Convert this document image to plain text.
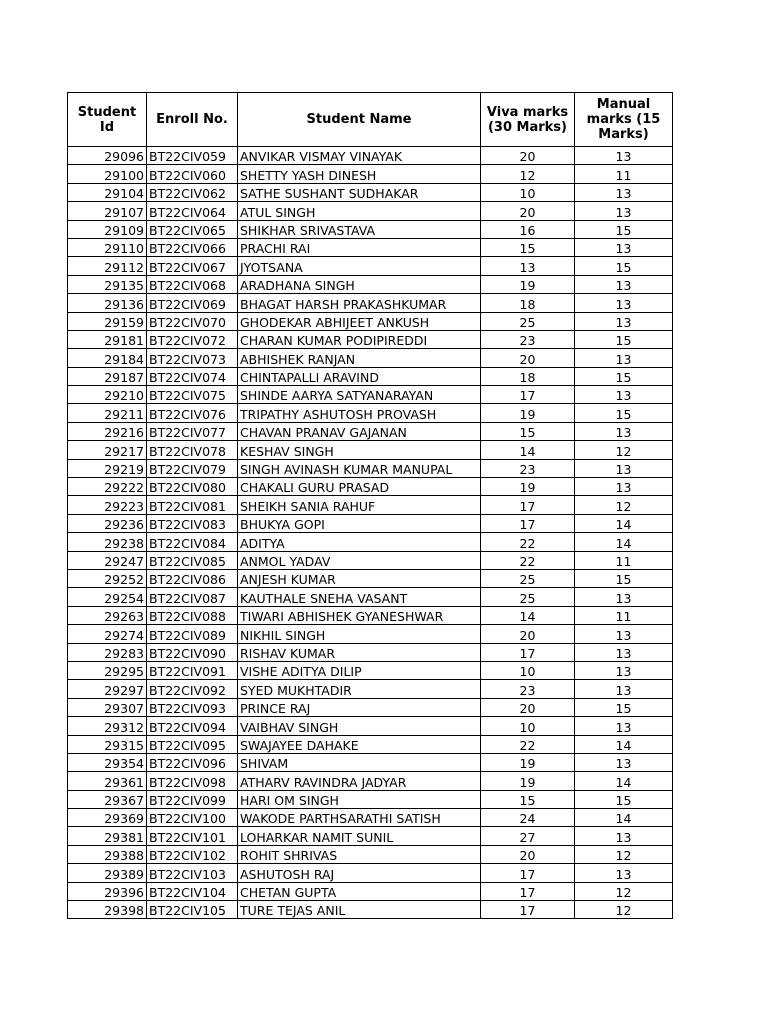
Student Id	Enroll No.	Student Name	Viva marks (30 Marks)	Manual marks (15 Marks)
29096	BT22CIV059	ANVIKAR VISMAY VINAYAK	20	13
29100	BT22CIV060	SHETTY YASH DINESH	12	11
29104	BT22CIV062	SATHE SUSHANT SUDHAKAR	10	13
29107	BT22CIV064	ATUL SINGH	20	13
29109	BT22CIV065	SHIKHAR SRIVASTAVA	16	15
29110	BT22CIV066	PRACHI RAI	15	13
29112	BT22CIV067	JYOTSANA	13	15
29135	BT22CIV068	ARADHANA SINGH	19	13
29136	BT22CIV069	BHAGAT HARSH PRAKASHKUMAR	18	13
29159	BT22CIV070	GHODEKAR ABHIJEET ANKUSH	25	13
29181	BT22CIV072	CHARAN KUMAR PODIPIREDDI	23	15
29184	BT22CIV073	ABHISHEK RANJAN	20	13
29187	BT22CIV074	CHINTAPALLI ARAVIND	18	15
29210	BT22CIV075	SHINDE AARYA SATYANARAYAN	17	13
29211	BT22CIV076	TRIPATHY ASHUTOSH PROVASH	19	15
29216	BT22CIV077	CHAVAN PRANAV GAJANAN	15	13
29217	BT22CIV078	KESHAV SINGH	14	12
29219	BT22CIV079	SINGH AVINASH KUMAR MANUPAL	23	13
29222	BT22CIV080	CHAKALI GURU PRASAD	19	13
29223	BT22CIV081	SHEIKH SANIA RAHUF	17	12
29236	BT22CIV083	BHUKYA GOPI	17	14
29238	BT22CIV084	ADITYA	22	14
29247	BT22CIV085	ANMOL YADAV	22	11
29252	BT22CIV086	ANJESH KUMAR	25	15
29254	BT22CIV087	KAUTHALE SNEHA VASANT	25	13
29263	BT22CIV088	TIWARI ABHISHEK GYANESHWAR	14	11
29274	BT22CIV089	NIKHIL SINGH	20	13
29283	BT22CIV090	RISHAV KUMAR	17	13
29295	BT22CIV091	VISHE ADITYA DILIP	10	13
29297	BT22CIV092	SYED MUKHTADIR	23	13
29307	BT22CIV093	PRINCE RAJ	20	15
29312	BT22CIV094	VAIBHAV SINGH	10	13
29315	BT22CIV095	SWAJAYEE DAHAKE	22	14
29354	BT22CIV096	SHIVAM	19	13
29361	BT22CIV098	ATHARV RAVINDRA JADYAR	19	14
29367	BT22CIV099	HARI OM SINGH	15	15
29369	BT22CIV100	WAKODE PARTHSARATHI SATISH	24	14
29381	BT22CIV101	LOHARKAR NAMIT SUNIL	27	13
29388	BT22CIV102	ROHIT SHRIVAS	20	12
29389	BT22CIV103	ASHUTOSH RAJ	17	13
29396	BT22CIV104	CHETAN GUPTA	17	12
29398	BT22CIV105	TURE TEJAS ANIL	17	12
